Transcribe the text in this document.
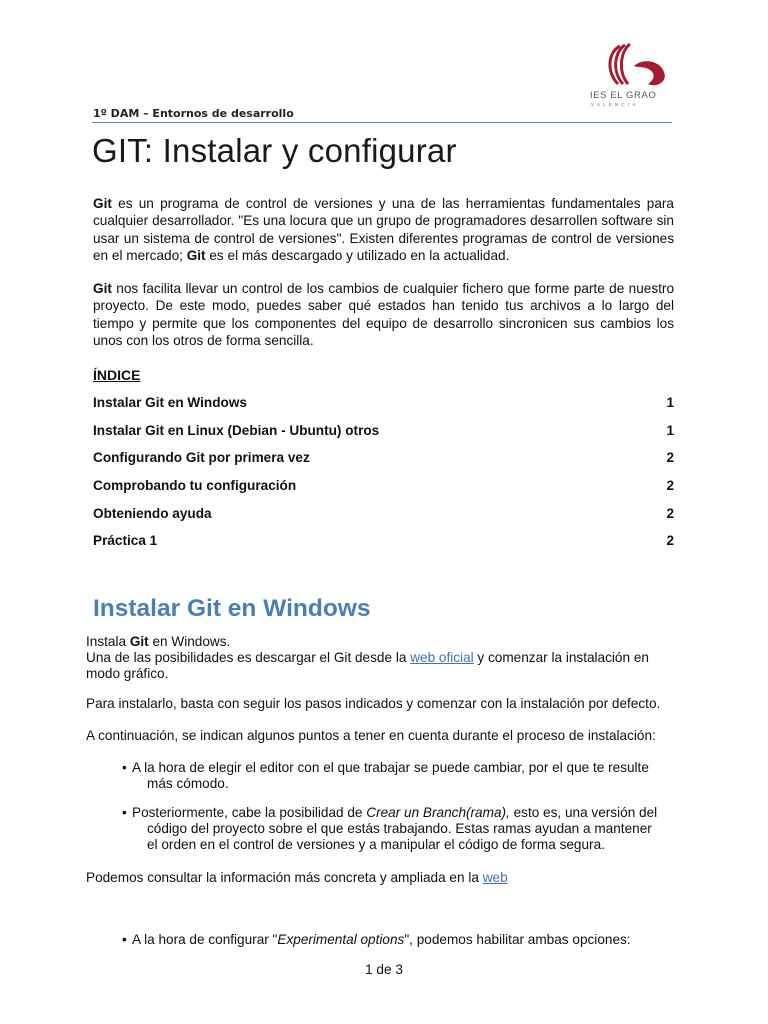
IES EL GRAO
VALENCIA
1º DAM – Entornos de desarrollo
GIT: Instalar y configurar

Git es un programa de control de versiones y una de las herramientas fundamentales para cualquier desarrollador. "Es una locura que un grupo de programadores desarrollen software sin usar un sistema de control de versiones". Existen diferentes programas de control de versiones en el mercado; Git es el más descargado y utilizado en la actualidad.

Git nos facilita llevar un control de los cambios de cualquier fichero que forme parte de nuestro proyecto. De este modo, puedes saber qué estados han tenido tus archivos a lo largo del tiempo y permite que los componentes del equipo de desarrollo sincronicen sus cambios los unos con los otros de forma sencilla.

ÍNDICE
Instalar Git en Windows	1
Instalar Git en Linux (Debian - Ubuntu) otros	1
Configurando Git por primera vez	2
Comprobando tu configuración	2
Obteniendo ayuda	2
Práctica 1	2
Instalar Git en Windows

Instala Git en Windows.
Una de las posibilidades es descargar el Git desde la web oficial y comenzar la instalación en modo gráfico.

Para instalarlo, basta con seguir los pasos indicados y comenzar con la instalación por defecto.

A continuación, se indican algunos puntos a tener en cuenta durante el proceso de instalación:

• A la hora de elegir el editor con el que trabajar se puede cambiar, por el que te resulte
más cómodo.
• Posteriormente, cabe la posibilidad de Crear un Branch(rama), esto es, una versión del
código del proyecto sobre el que estás trabajando. Estas ramas ayudan a mantener
el orden en el control de versiones y a manipular el código de forma segura.

Podemos consultar la información más concreta y ampliada en la web

• A la hora de configurar "Experimental options", podemos habilitar ambas opciones:
1 de 3
